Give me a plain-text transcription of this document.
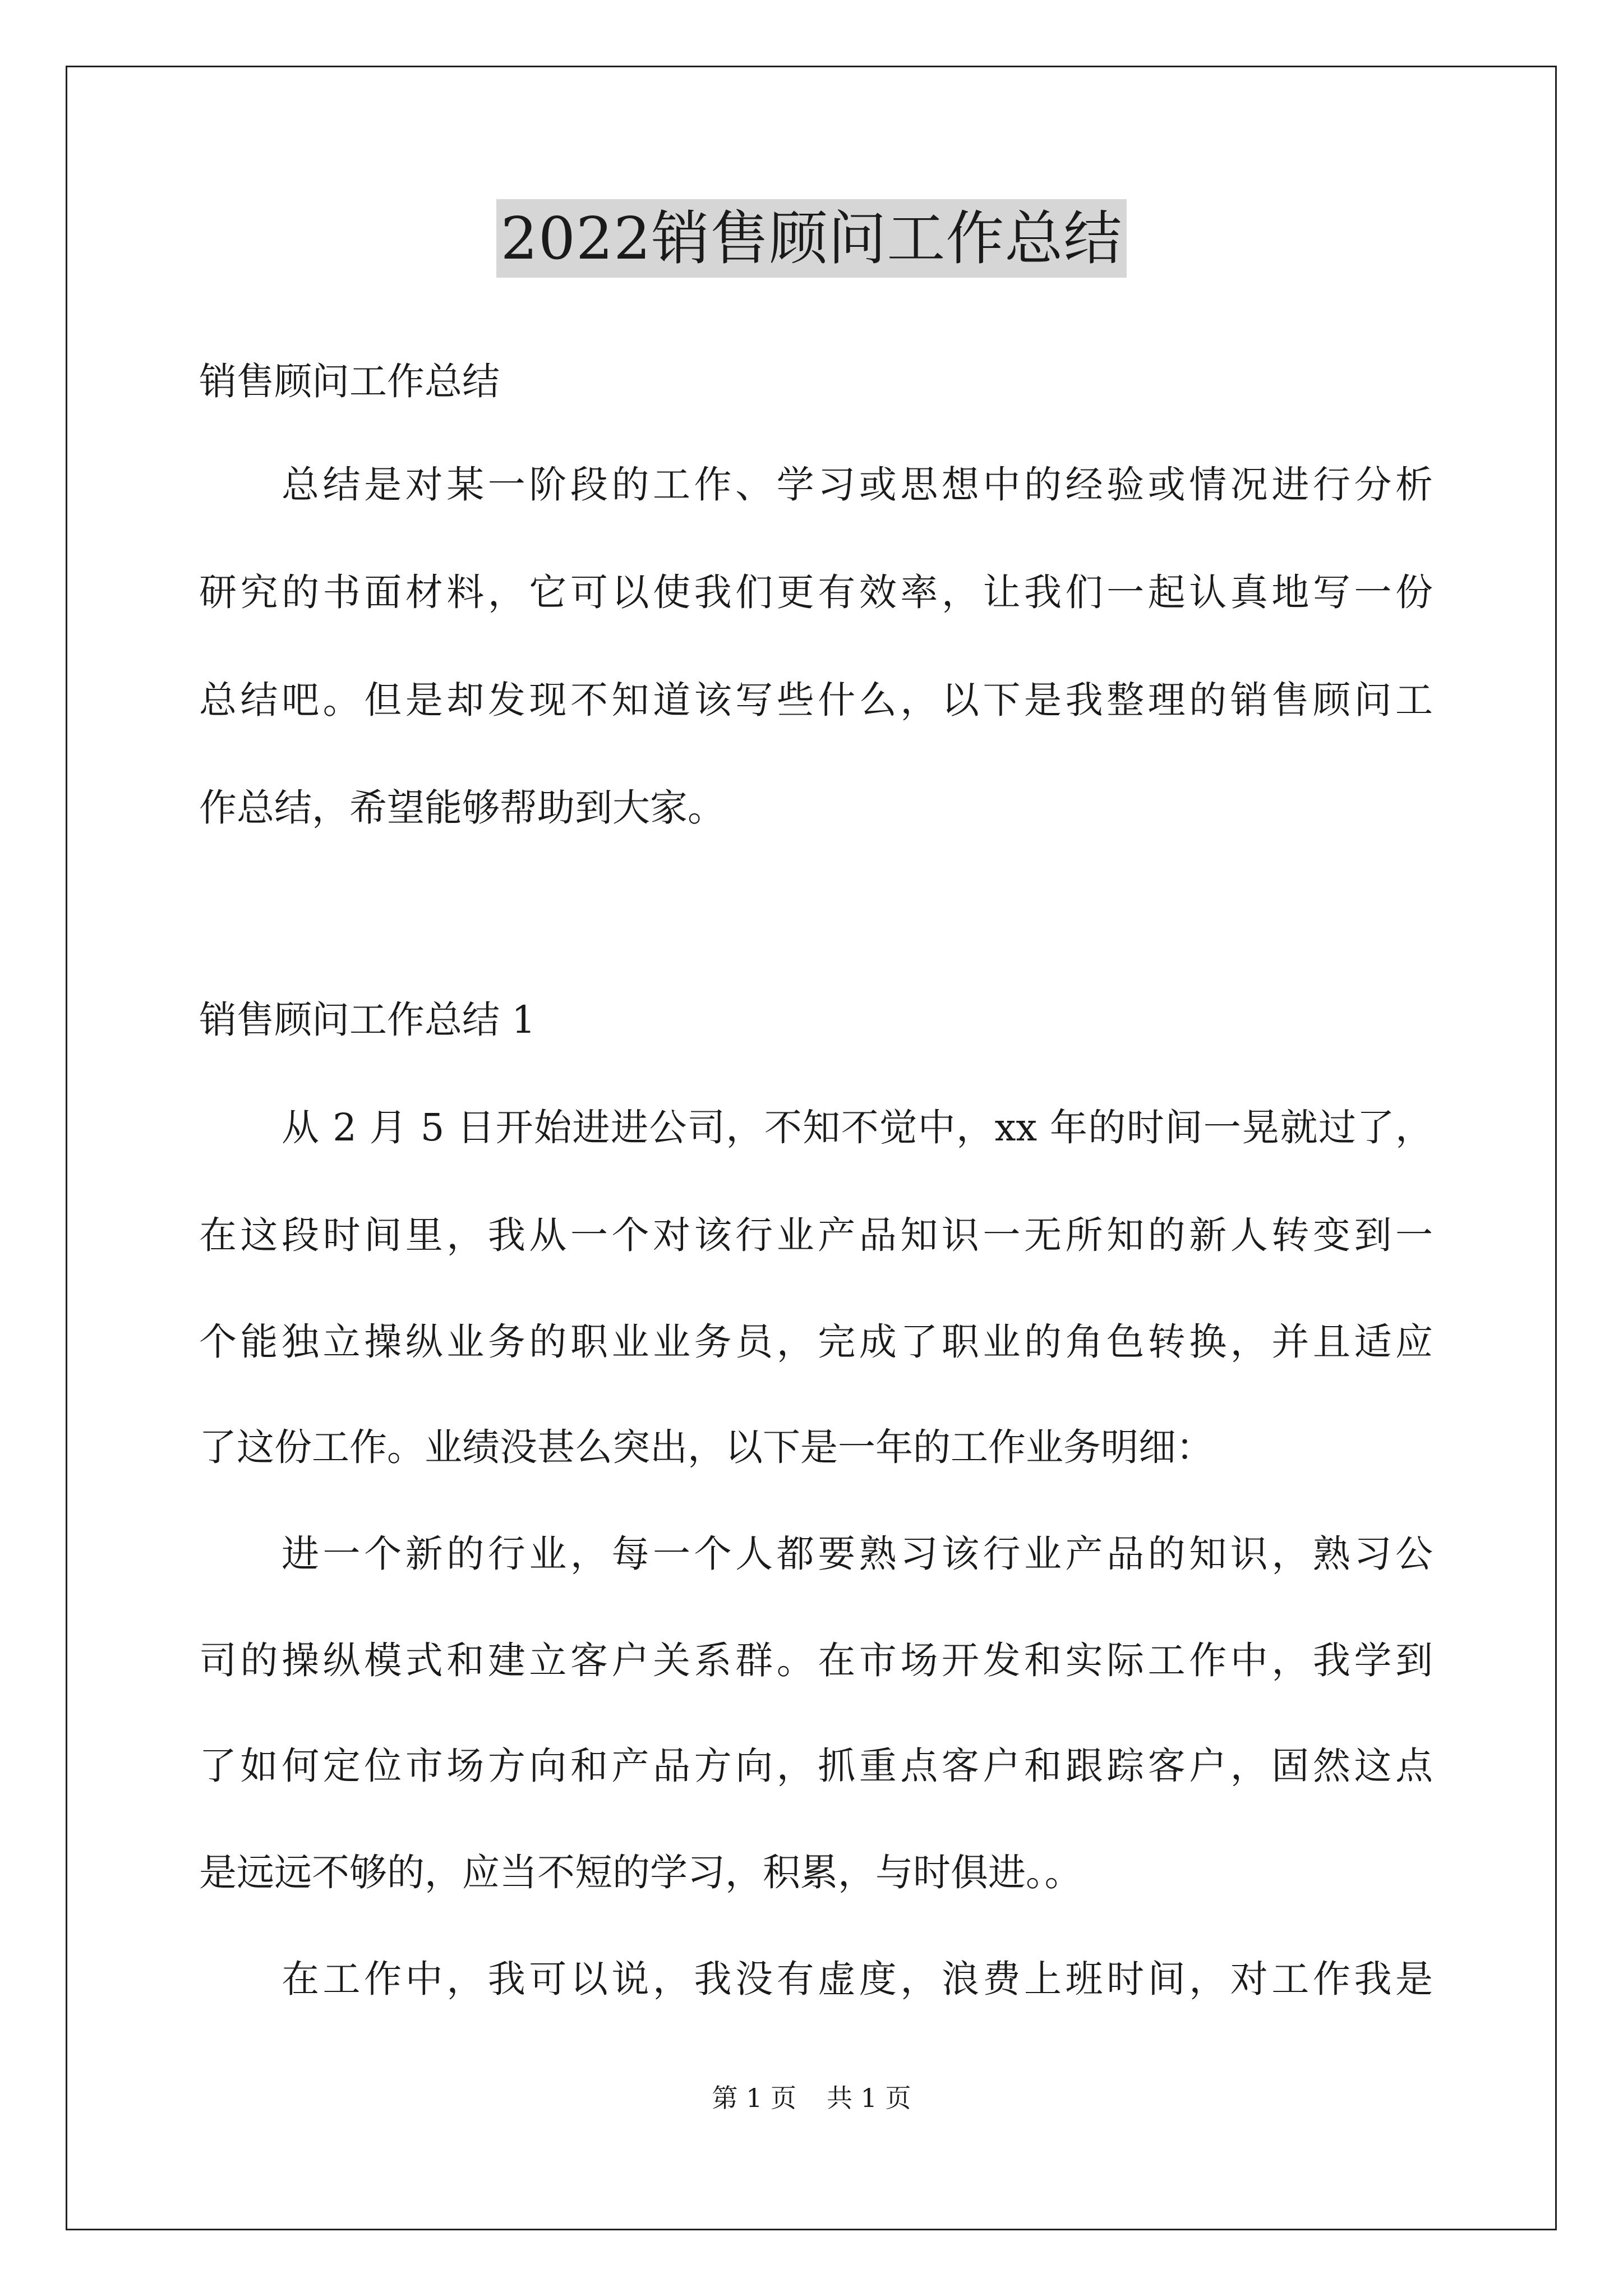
2022销售顾问工作总结
销售顾问工作总结
总结是对某一阶段的工作、学习或思想中的经验或情况进行分析
研究的书面材料，它可以使我们更有效率，让我们一起认真地写一份
总结吧。但是却发现不知道该写些什么，以下是我整理的销售顾问工
作总结，希望能够帮助到大家。
销售顾问工作总结 1
从 2 月 5 日开始进进公司，不知不觉中，xx 年的时间一晃就过了，
在这段时间里，我从一个对该行业产品知识一无所知的新人转变到一
个能独立操纵业务的职业业务员，完成了职业的角色转换，并且适应
了这份工作。业绩没甚么突出，以下是一年的工作业务明细：
进一个新的行业，每一个人都要熟习该行业产品的知识，熟习公
司的操纵模式和建立客户关系群。在市场开发和实际工作中，我学到
了如何定位市场方向和产品方向，抓重点客户和跟踪客户，固然这点
是远远不够的，应当不短的学习，积累，与时俱进。。
在工作中，我可以说，我没有虚度，浪费上班时间，对工作我是
第 1 页 共 1 页
